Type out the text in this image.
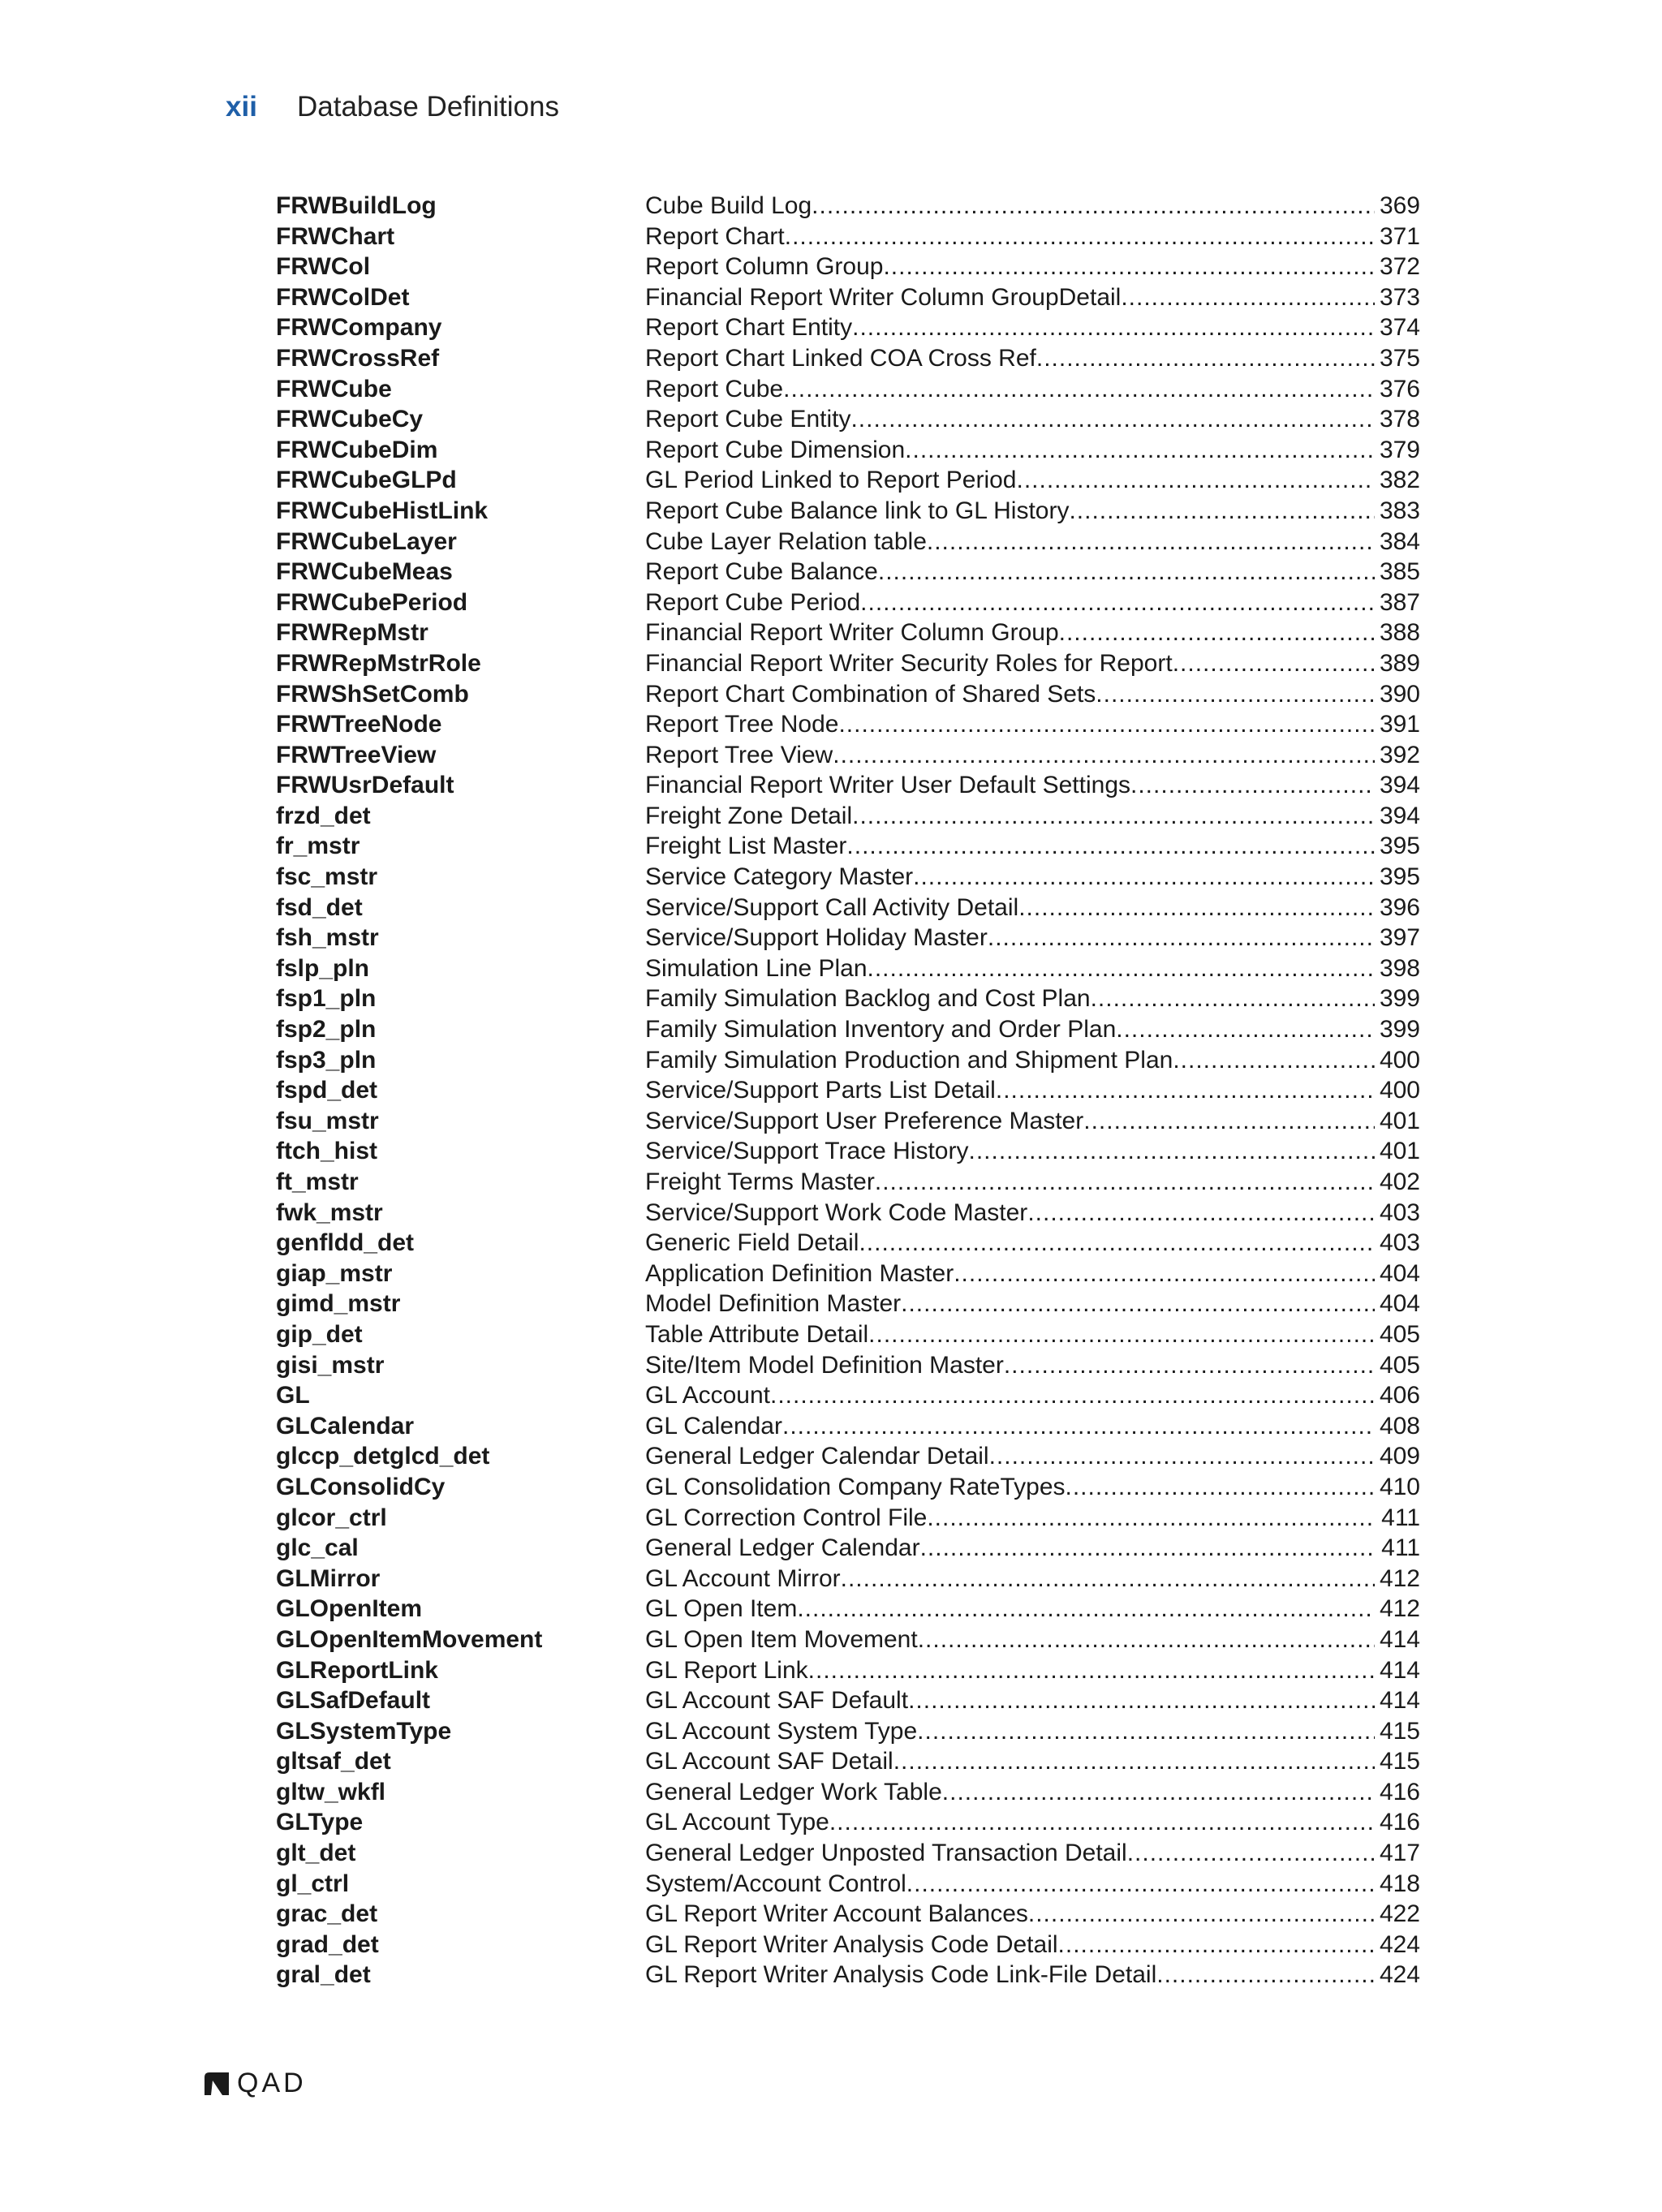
xii	Database Definitions
FRWBuildLog	Cube Build Log .....	369
FRWChart	Report Chart .....	371
FRWCol	Report Column Group .....	372
FRWColDet	Financial Report Writer Column GroupDetail .....	373
FRWCompany	Report Chart Entity .....	374
FRWCrossRef	Report Chart Linked COA Cross Ref .....	375
FRWCube	Report Cube .....	376
FRWCubeCy	Report Cube Entity .....	378
FRWCubeDim	Report Cube Dimension .....	379
FRWCubeGLPd	GL Period Linked to Report Period .....	382
FRWCubeHistLink	Report Cube Balance link to GL History .....	383
FRWCubeLayer	Cube Layer Relation table .....	384
FRWCubeMeas	Report Cube Balance .....	385
FRWCubePeriod	Report Cube Period .....	387
FRWRepMstr	Financial Report Writer Column Group .....	388
FRWRepMstrRole	Financial Report Writer Security Roles for Report .....	389
FRWShSetComb	Report Chart Combination of Shared Sets .....	390
FRWTreeNode	Report Tree Node .....	391
FRWTreeView	Report Tree View .....	392
FRWUsrDefault	Financial Report Writer User Default Settings .....	394
frzd_det	Freight Zone Detail .....	394
fr_mstr	Freight List Master .....	395
fsc_mstr	Service Category Master .....	395
fsd_det	Service/Support Call Activity Detail .....	396
fsh_mstr	Service/Support Holiday Master .....	397
fslp_pln	Simulation Line Plan .....	398
fsp1_pln	Family Simulation Backlog and Cost Plan .....	399
fsp2_pln	Family Simulation Inventory and Order Plan .....	399
fsp3_pln	Family Simulation Production and Shipment Plan .....	400
fspd_det	Service/Support Parts List Detail .....	400
fsu_mstr	Service/Support User Preference Master .....	401
ftch_hist	Service/Support Trace History .....	401
ft_mstr	Freight Terms Master .....	402
fwk_mstr	Service/Support Work Code Master .....	403
genfldd_det	Generic Field Detail .....	403
giap_mstr	Application Definition Master .....	404
gimd_mstr	Model Definition Master .....	404
gip_det	Table Attribute Detail .....	405
gisi_mstr	Site/Item Model Definition Master .....	405
GL	GL Account .....	406
GLCalendar	GL Calendar .....	408
glccp_detglcd_det	General Ledger Calendar Detail .....	409
GLConsolidCy	GL Consolidation Company RateTypes .....	410
glcor_ctrl	GL Correction Control File .....	411
glc_cal	General Ledger Calendar .....	411
GLMirror	GL Account Mirror .....	412
GLOpenItem	GL Open Item .....	412
GLOpenItemMovement	GL Open Item Movement .....	414
GLReportLink	GL Report Link .....	414
GLSafDefault	GL Account SAF Default .....	414
GLSystemType	GL Account System Type .....	415
gltsaf_det	GL Account SAF Detail .....	415
gltw_wkfl	General Ledger Work Table .....	416
GLType	GL Account Type .....	416
glt_det	General Ledger Unposted Transaction Detail .....	417
gl_ctrl	System/Account Control .....	418
grac_det	GL Report Writer Account Balances .....	422
grad_det	GL Report Writer Analysis Code Detail .....	424
gral_det	GL Report Writer Analysis Code Link-File Detail .....	424
QAD
